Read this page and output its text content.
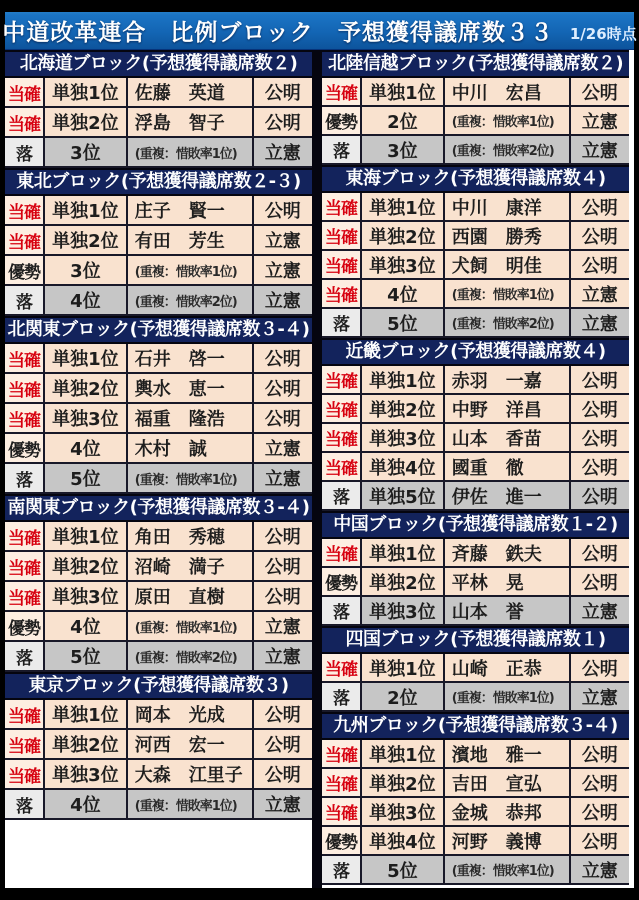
中道改革連合　比例ブロック　予想獲得議席数３３ 1/26時点
北海道ブロック(予想獲得議席数２)
当確 単独1位 佐藤　英道	公明
当確 単独2位 浮島　智子	公明
落	3位	(重複：惜敗率1位)	立憲
東北ブロック(予想獲得議席数２-３)
当確 単独1位 庄子　賢一	公明
当確 単独2位 有田　芳生	立憲
優勢	3位	(重複：惜敗率1位)	立憲
落	4位	(重複：惜敗率2位)	立憲
北関東ブロック(予想獲得議席数３-４)
当確 単独1位 石井　啓一	公明
当確 単独2位 輿水　恵一	公明
当確 単独3位 福重　隆浩	公明
優勢	4位	木村　誠	立憲
落	5位	(重複：惜敗率1位)	立憲
南関東ブロック(予想獲得議席数３-４)
当確 単独1位 角田　秀穂	公明
当確 単独2位 沼崎　満子	公明
当確 単独3位 原田　直樹	公明
優勢	4位	(重複：惜敗率1位)	立憲
落	5位	(重複：惜敗率2位)	立憲
東京ブロック(予想獲得議席数３)
当確 単独1位 岡本　光成	公明
当確 単独2位 河西　宏一	公明
当確 単独3位 大森　江里子	公明
落	4位	(重複：惜敗率1位)	立憲
北陸信越ブロック(予想獲得議席数２)
当確 単独1位 中川　宏昌	公明
優勢	2位	(重複：惜敗率1位)	立憲
落	3位	(重複：惜敗率2位)	立憲
東海ブロック(予想獲得議席数４)
当確 単独1位 中川　康洋	公明
当確 単独2位 西園　勝秀	公明
当確 単独3位 犬飼　明佳	公明
当確	4位	(重複：惜敗率1位)	立憲
落	5位	(重複：惜敗率2位)	立憲
近畿ブロック(予想獲得議席数４)
当確 単独1位 赤羽　一嘉	公明
当確 単独2位 中野　洋昌	公明
当確 単独3位 山本　香苗	公明
当確 単独4位 國重　徹	公明
落	単独5位 伊佐　進一	公明
中国ブロック(予想獲得議席数１-２)
当確 単独1位 斉藤　鉄夫	公明
優勢 単独2位 平林　晃	公明
落	単独3位 山本　誉	立憲
四国ブロック(予想獲得議席数１)
当確 単独1位 山崎　正恭	公明
落	2位	(重複：惜敗率1位)	立憲
九州ブロック(予想獲得議席数３-４)
当確 単独1位 濱地　雅一	公明
当確 単独2位 吉田　宣弘	公明
当確 単独3位 金城　恭邦	公明
優勢 単独4位 河野　義博	公明
落	5位	(重複：惜敗率1位)	立憲
